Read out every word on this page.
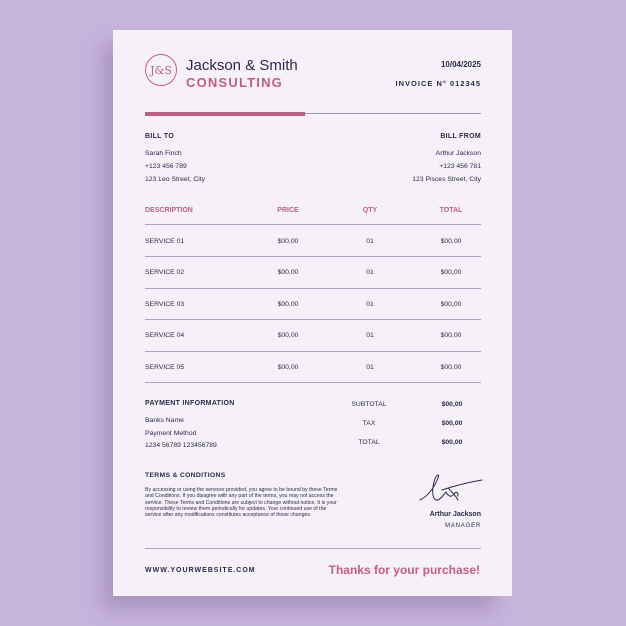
J&S Jackson & Smith
CONSULTING
10/04/2025
INVOICE N° 012345
BILL TO
Sarah Finch
+123 456 789
123 Leo Street, City
BILL FROM
Arthur Jackson
+123 456 781
123 Pisces Street, City
DESCRIPTION	PRICE	QTY	TOTAL
SERVICE 01	$00,00	01	$00,00
SERVICE 02	$00,00	01	$00,00
SERVICE 03	$00,00	01	$00,00
SERVICE 04	$00,00	01	$00,00
SERVICE 05	$00,00	01	$00,00
PAYMENT INFORMATION
Banks Name
Payment Method
1234 56789 123456789
SUBTOTAL	$00,00
TAX	$00,00
TOTAL	$00,00
TERMS & CONDITIONS
By accessing or using the services provided, you agree to be bound by these Terms and Conditions. If you disagree with any part of the terms, you may not access the service. These Terms and Conditions are subject to change without notice. It is your responsibility to review them periodically for updates. Your continued use of the service after any modifications constitutes acceptance of those changes.	Arthur Jackson
MANAGER
WWW.YOURWEBSITE.COM	Thanks for your purchase!
